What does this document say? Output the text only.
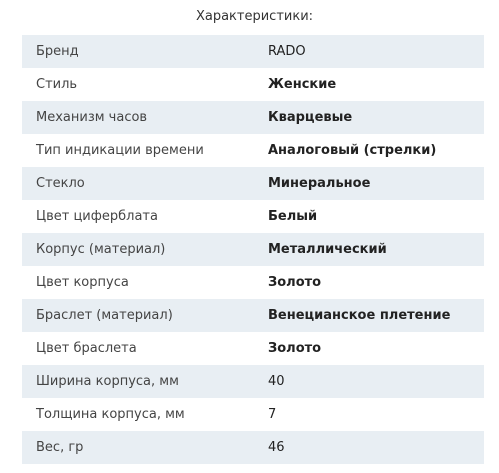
Характеристики:
Бренд	RADO
Стиль	Женские
Механизм часов	Кварцевые
Тип индикации времени	Аналоговый (стрелки)
Стекло	Минеральное
Цвет циферблата	Белый
Корпус (материал)	Металлический
Цвет корпуса	Золото
Браслет (материал)	Венецианское плетение
Цвет браслета	Золото
Ширина корпуса, мм	40
Толщина корпуса, мм	7
Вес, гр	46
